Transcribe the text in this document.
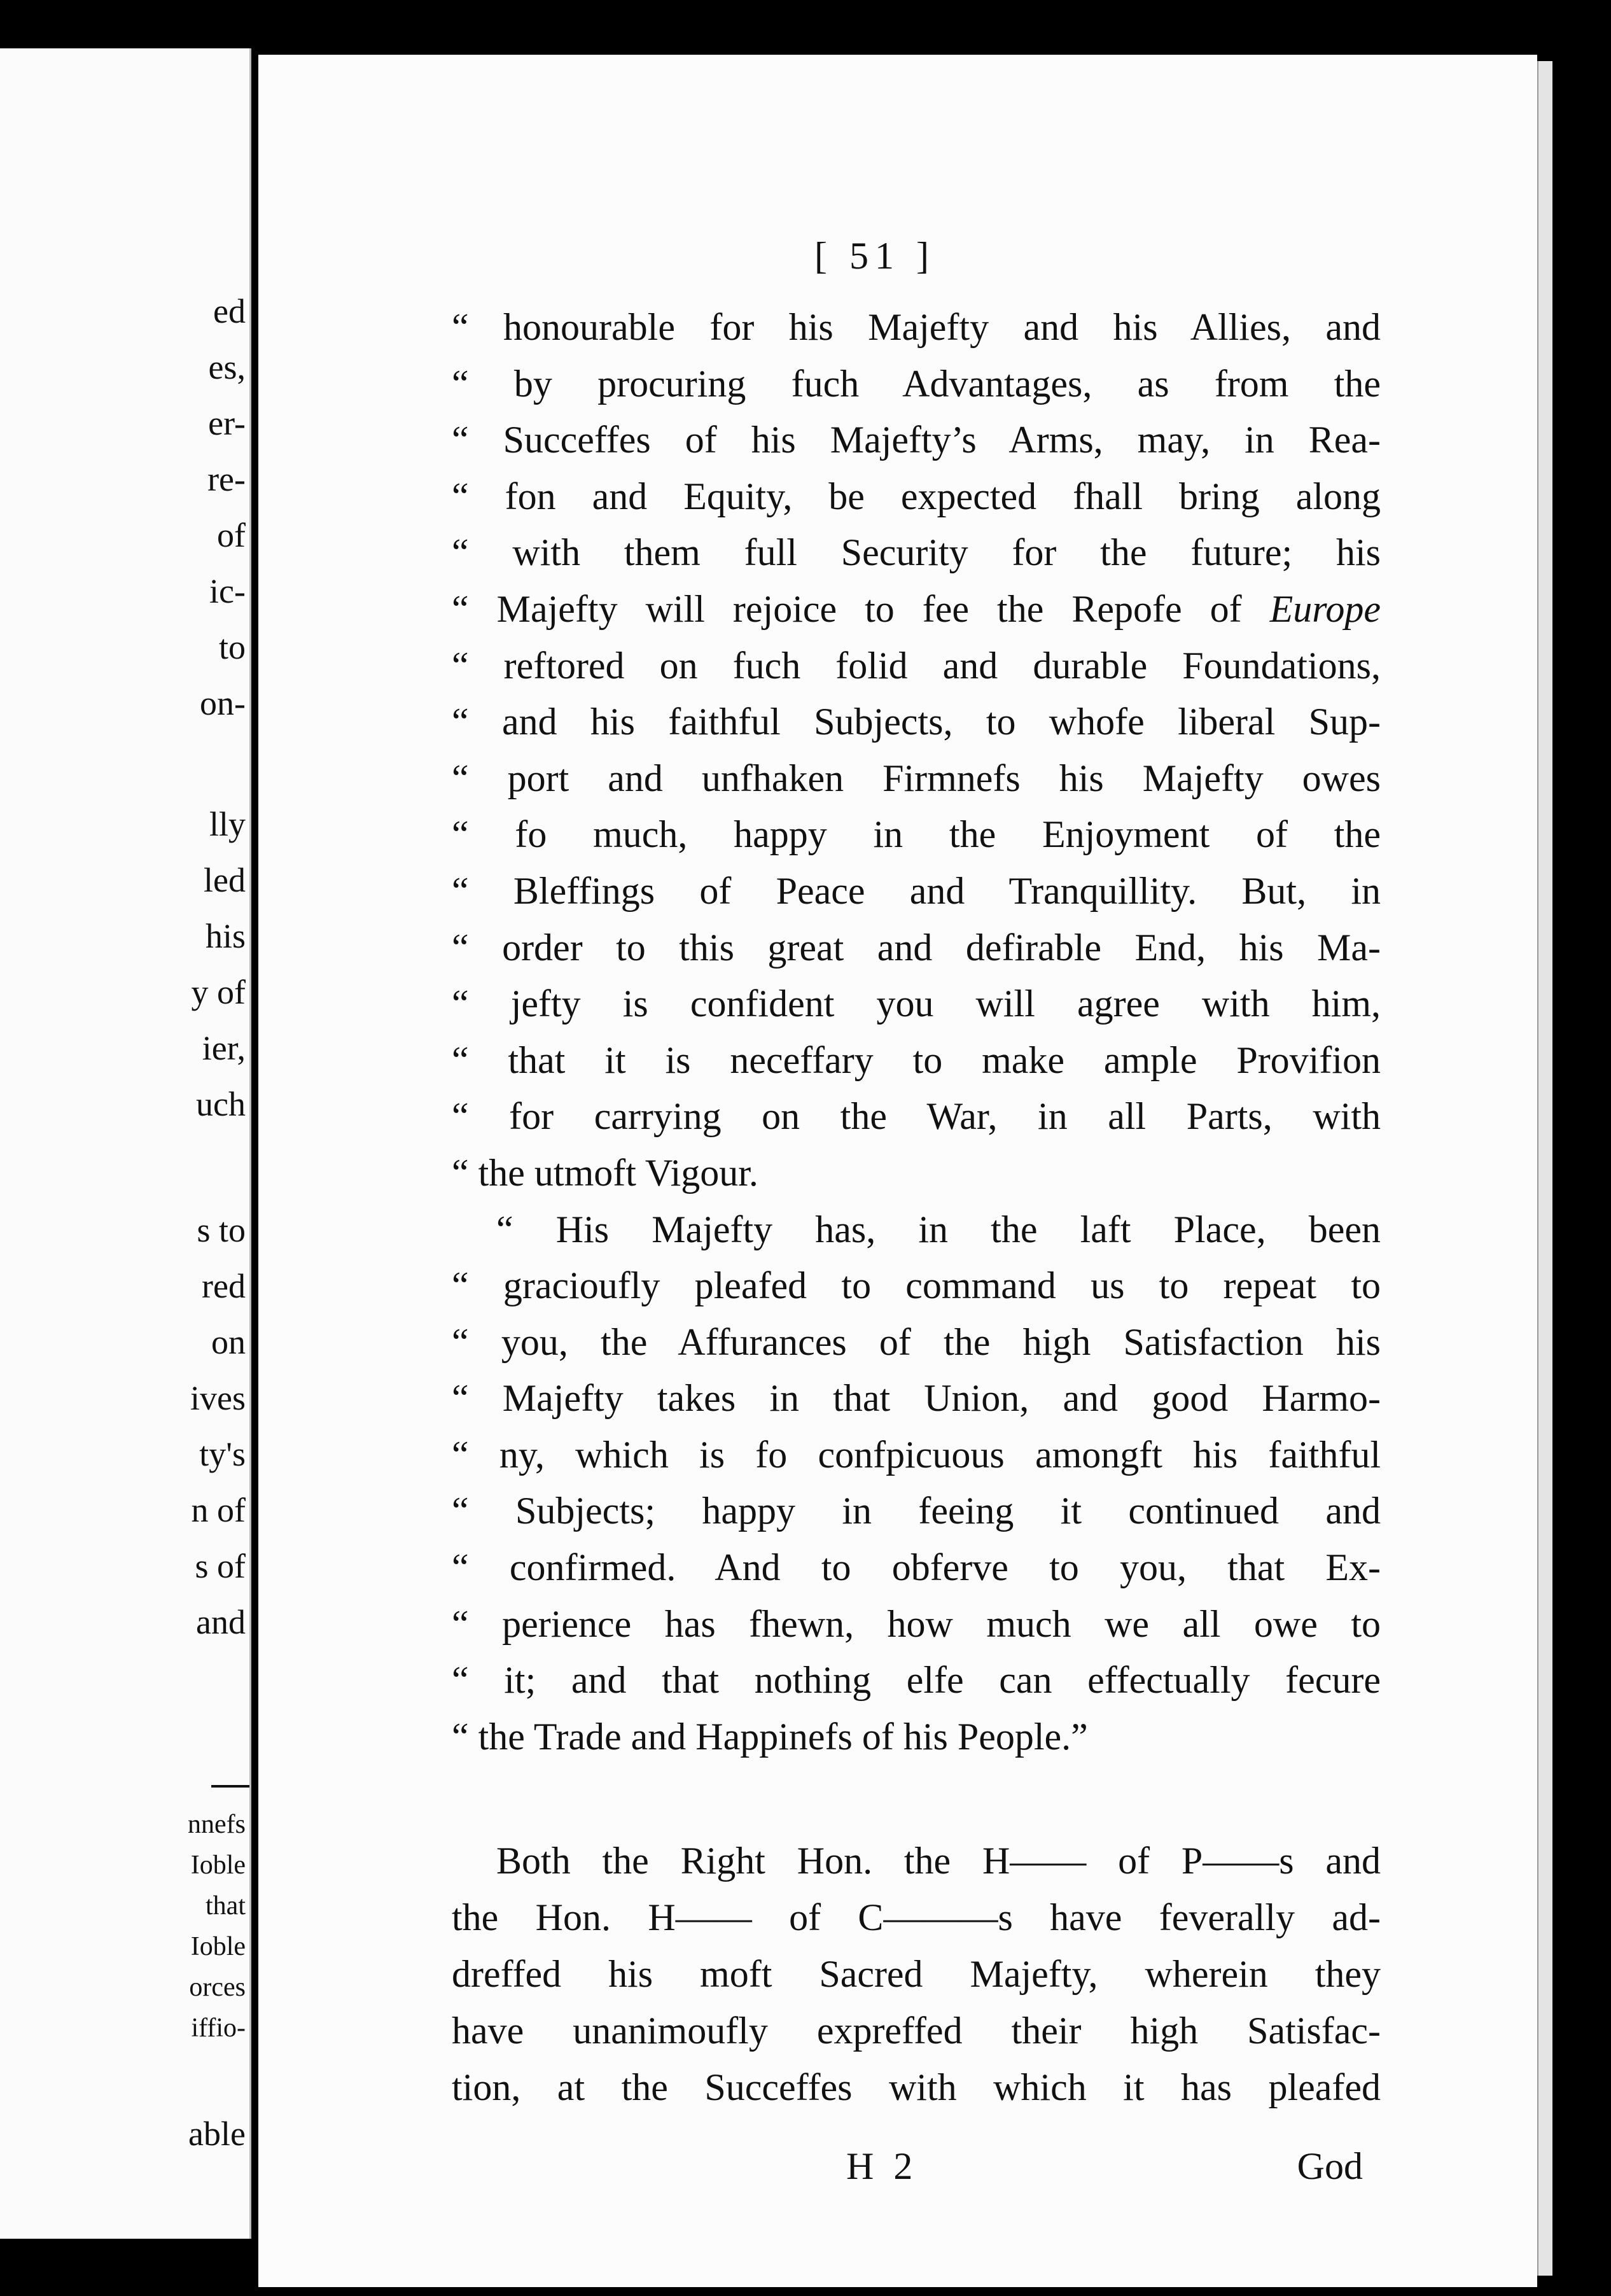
ed
es,
er-
re-
of
ic-
to
on-
lly
led
his
y of
ier,
uch
s to
red
on
ives
ty's
n of
s of
and
nnefs
Ioble
that
Ioble
orces
iffio-
able
[ 51 ]
“ honourable for his Majefty and his Allies, and
“ by procuring fuch Advantages, as from the
“ Succeffes of his Majefty’s Arms, may, in Rea-
“ fon and Equity, be expected fhall bring along
“ with them full Security for the future; his
“ Majefty will rejoice to fee the Repofe of Europe
“ reftored on fuch folid and durable Foundations,
“ and his faithful Subjects, to whofe liberal Sup-
“ port and unfhaken Firmnefs his Majefty owes
“ fo much, happy in the Enjoyment of the
“ Bleffings of Peace and Tranquillity. But, in
“ order to this great and defirable End, his Ma-
“ jefty is confident you will agree with him,
“ that it is neceffary to make ample Provifion
“ for carrying on the War, in all Parts, with
“ the utmoft Vigour.
“ His Majefty has, in the laft Place, been
“ gracioufly pleafed to command us to repeat to
“ you, the Affurances of the high Satisfaction his
“ Majefty takes in that Union, and good Harmo-
“ ny, which is fo confpicuous amongft his faithful
“ Subjects; happy in feeing it continued and
“ confirmed. And to obferve to you, that Ex-
“ perience has fhewn, how much we all owe to
“ it; and that nothing elfe can effectually fecure
“ the Trade and Happinefs of his People.”
Both the Right Hon. the H—— of P——s and
the Hon. H—— of C———s have feverally ad-
dreffed his moft Sacred Majefty, wherein they
have unanimoufly expreffed their high Satisfac-
tion, at the Succeffes with which it has pleafed
H 2	God
